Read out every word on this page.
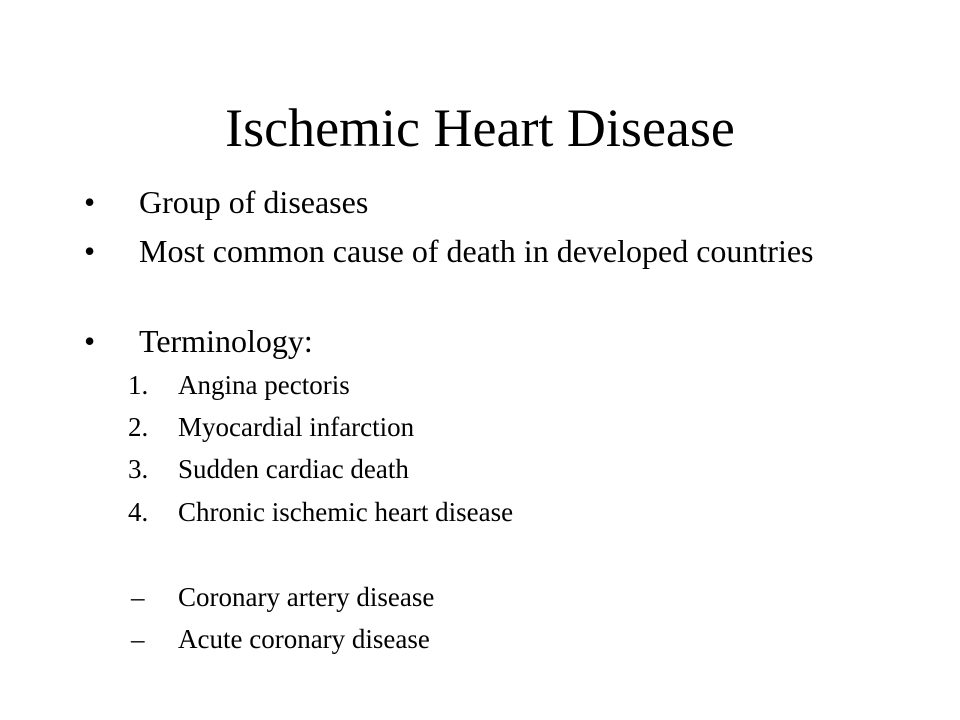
Ischemic Heart Disease
• Group of diseases
• Most common cause of death in developed countries
• Terminology:
1. Angina pectoris
2. Myocardial infarction
3. Sudden cardiac death
4. Chronic ischemic heart disease
– Coronary artery disease
– Acute coronary disease
